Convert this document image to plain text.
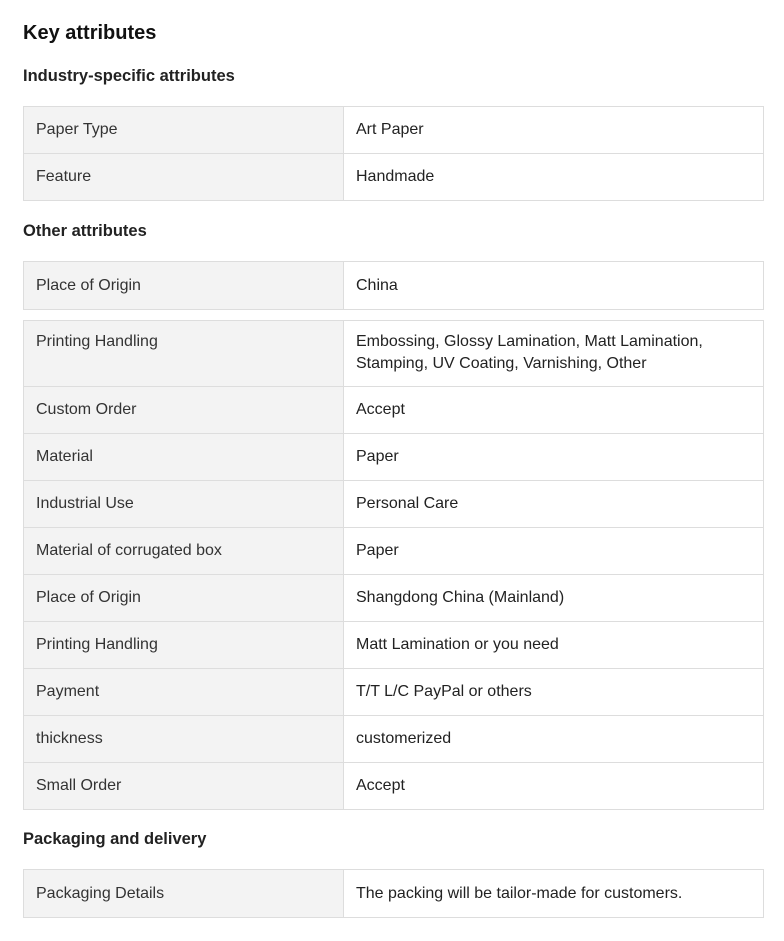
Key attributes
Industry-specific attributes
Paper Type	Art Paper
Feature	Handmade
Other attributes
Place of Origin	China
Printing Handling	Embossing, Glossy Lamination, Matt Lamination, Stamping, UV Coating, Varnishing, Other
Custom Order	Accept
Material	Paper
Industrial Use	Personal Care
Material of corrugated box	Paper
Place of Origin	Shangdong China (Mainland)
Printing Handling	Matt Lamination or you need
Payment	T/T L/C PayPal or others
thickness	customerized
Small Order	Accept
Packaging and delivery
Packaging Details	The packing will be tailor-made for customers.
